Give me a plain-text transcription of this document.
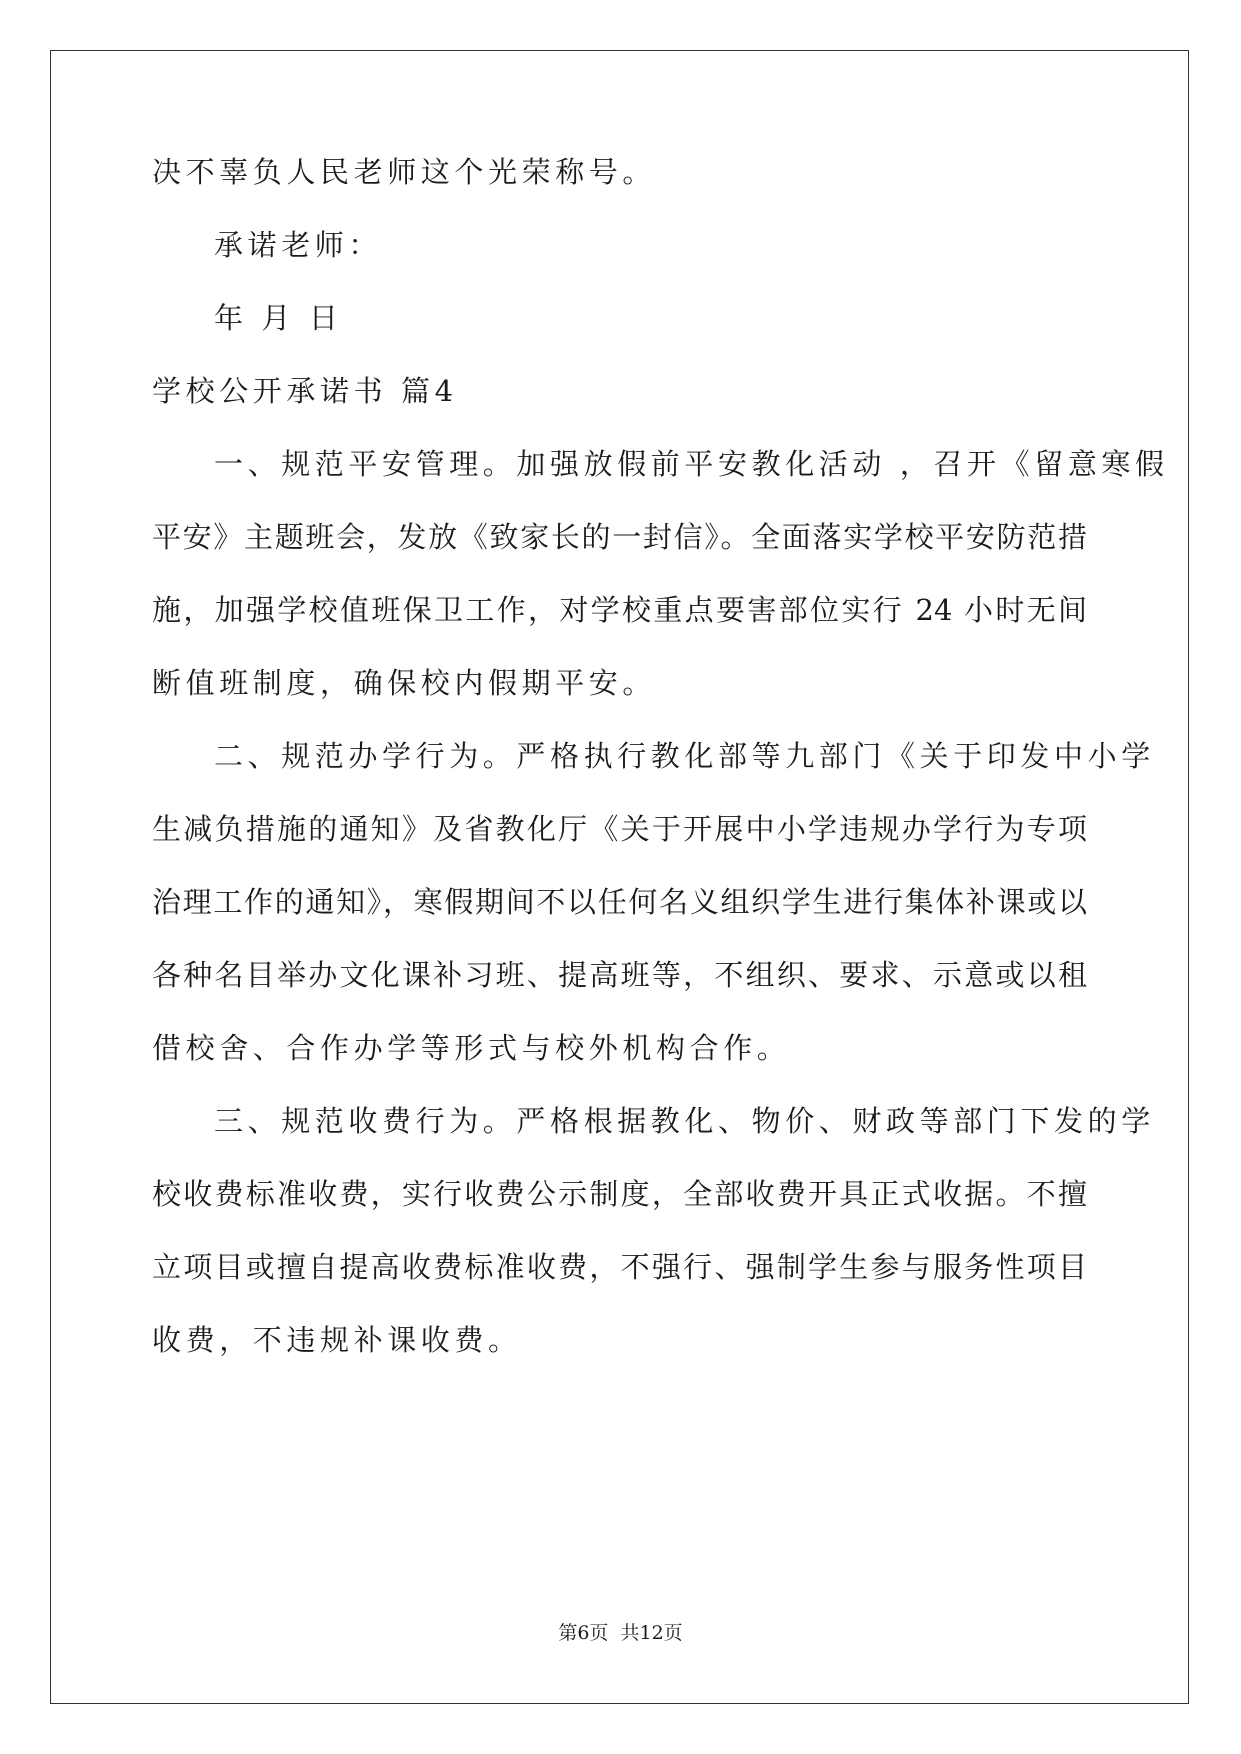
决不辜负人民老师这个光荣称号。
承诺老师：
年 月 日
学校公开承诺书 篇4
一、规范平安管理。加强放假前平安教化活动 ，召开《留意寒假
平安》主题班会，发放《致家长的一封信》。全面落实学校平安防范措
施，加强学校值班保卫工作，对学校重点要害部位实行 24 小时无间
断值班制度，确保校内假期平安。
二、规范办学行为。严格执行教化部等九部门《关于印发中小学
生减负措施的通知》及省教化厅《关于开展中小学违规办学行为专项
治理工作的通知》，寒假期间不以任何名义组织学生进行集体补课或以
各种名目举办文化课补习班、提高班等，不组织、要求、示意或以租
借校舍、合作办学等形式与校外机构合作。
三、规范收费行为。严格根据教化、物价、财政等部门下发的学
校收费标准收费，实行收费公示制度，全部收费开具正式收据。不擅
立项目或擅自提高收费标准收费，不强行、强制学生参与服务性项目
收费，不违规补课收费。
第6页  共12页
